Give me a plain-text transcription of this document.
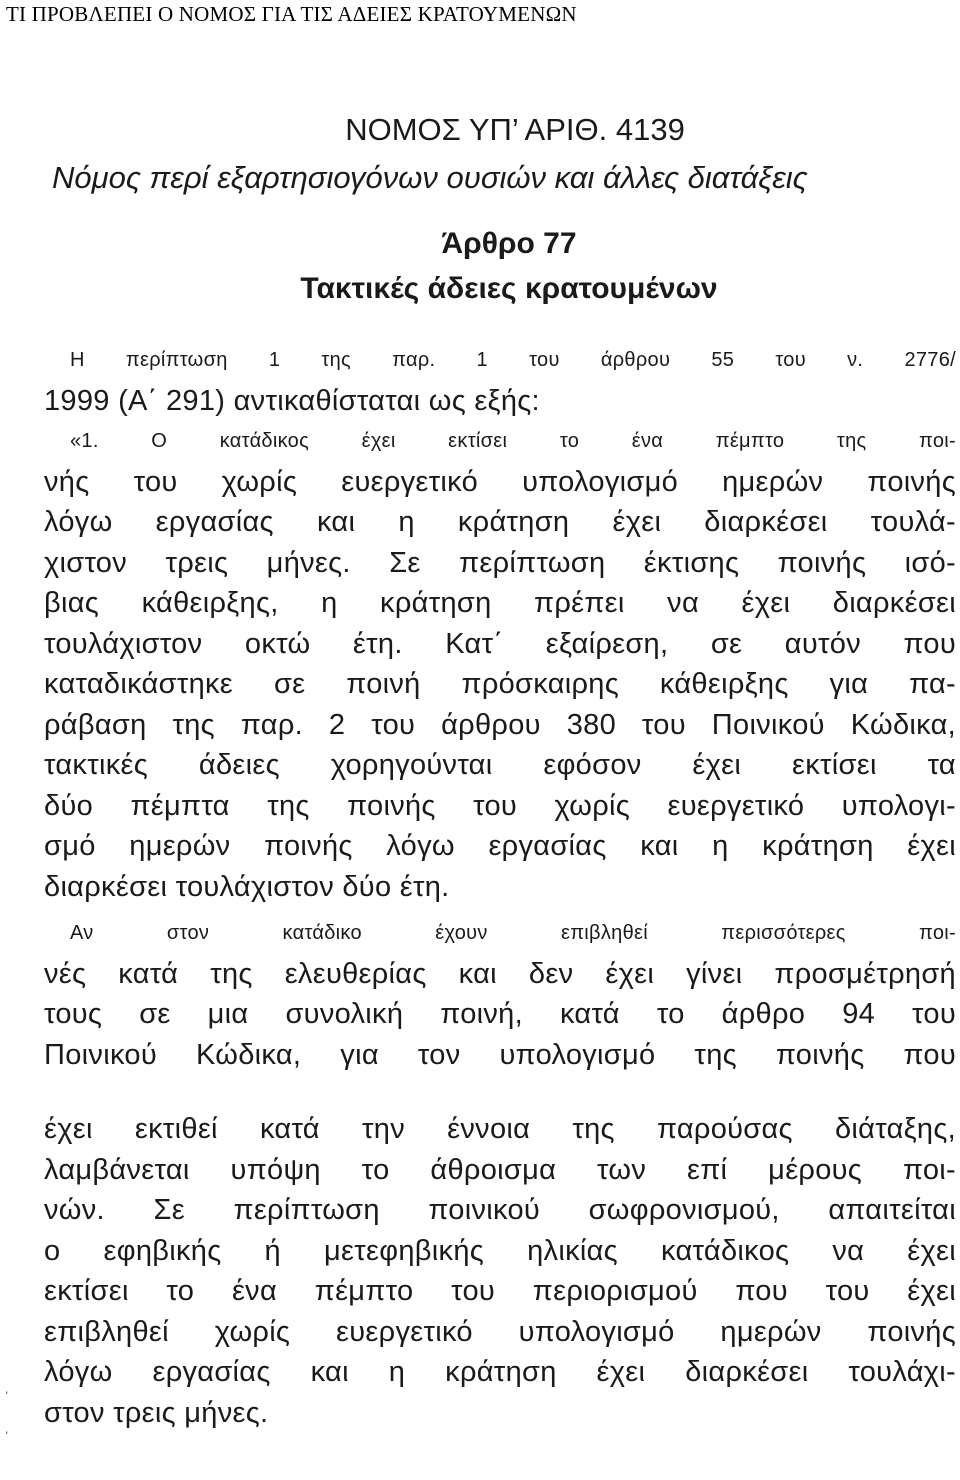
ΤΙ ΠΡΟΒΛΕΠΕΙ Ο ΝΟΜΟΣ ΓΙΑ ΤΙΣ ΑΔΕΙΕΣ ΚΡΑΤΟΥΜΕΝΩΝ
ΝΟΜΟΣ ΥΠ’ ΑΡΙΘ. 4139
Νόμος περί εξαρτησιογόνων ουσιών και άλλες διατάξεις
Άρθρο 77
Τακτικές άδειες κρατουμένων
Η περίπτωση 1 της παρ. 1 του άρθρου 55 του ν. 2776/
1999 (Α΄ 291) αντικαθίσταται ως εξής:
«1. Ο κατάδικος έχει εκτίσει το ένα πέμπτο της ποι-
νής του χωρίς ευεργετικό υπολογισμό ημερών ποινής
λόγω εργασίας και η κράτηση έχει διαρκέσει τουλά-
χιστον τρεις μήνες. Σε περίπτωση έκτισης ποινής ισό-
βιας κάθειρξης, η κράτηση πρέπει να έχει διαρκέσει
τουλάχιστον οκτώ έτη. Κατ΄ εξαίρεση, σε αυτόν που
καταδικάστηκε σε ποινή πρόσκαιρης κάθειρξης για πα-
ράβαση της παρ. 2 του άρθρου 380 του Ποινικού Κώδικα,
τακτικές άδειες χορηγούνται εφόσον έχει εκτίσει τα
δύο πέμπτα της ποινής του χωρίς ευεργετικό υπολογι-
σμό ημερών ποινής λόγω εργασίας και η κράτηση έχει
διαρκέσει τουλάχιστον δύο έτη.
Αν στον κατάδικο έχουν επιβληθεί περισσότερες ποι-
νές κατά της ελευθερίας και δεν έχει γίνει προσμέτρησή
τους σε μια συνολική ποινή, κατά το άρθρο 94 του
Ποινικού Κώδικα, για τον υπολογισμό της ποινής που
έχει εκτιθεί κατά την έννοια της παρούσας διάταξης,
λαμβάνεται υπόψη το άθροισμα των επί μέρους ποι-
νών. Σε περίπτωση ποινικού σωφρονισμού, απαιτείται
ο εφηβικής ή μετεφηβικής ηλικίας κατάδικος να έχει
εκτίσει το ένα πέμπτο του περιορισμού που του έχει
επιβληθεί χωρίς ευεργετικό υπολογισμό ημερών ποινής
λόγω εργασίας και η κράτηση έχει διαρκέσει τουλάχι-
στον τρεις μήνες.
ˌ
ˌ
